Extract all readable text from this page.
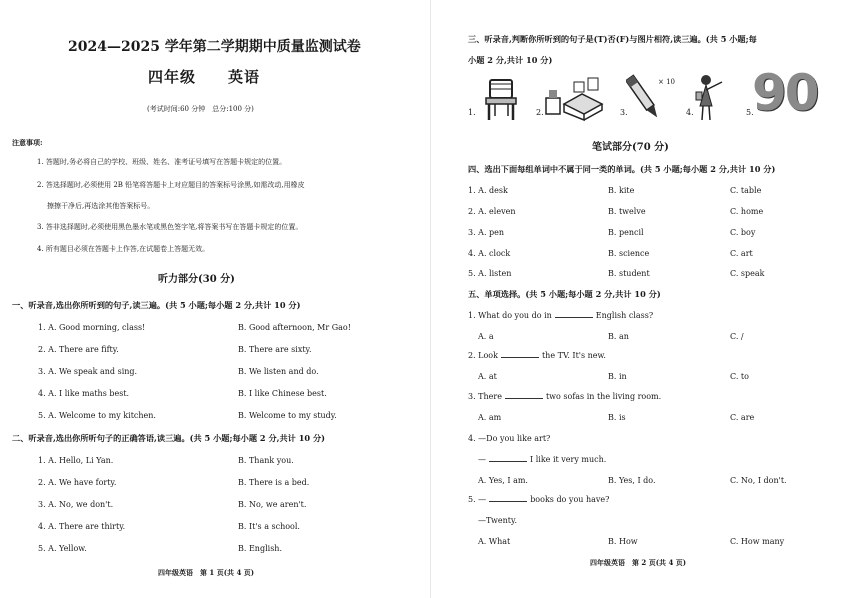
2024—2025 学年第二学期期中质量监测试卷
四年级 英语
(考试时间:60 分钟　总分:100 分)
注意事项:
1. 答题时,务必将自己的学校、班级、姓名、准考证号填写在答题卡规定的位置。
2. 答选择题时,必须使用 2B 铅笔将答题卡上对应题目的答案标号涂黑,如需改动,用橡皮
擦擦干净后,再选涂其他答案标号。
3. 答非选择题时,必须使用黑色墨水笔或黑色签字笔,将答案书写在答题卡规定的位置。
4. 所有题目必须在答题卡上作答,在试题卷上答题无效。
听力部分(30 分)
一、听录音,选出你所听到的句子,读三遍。(共 5 小题;每小题 2 分,共计 10 分)
1. A. Good morning, class!	B. Good afternoon, Mr Gao!
2. A. There are fifty.	B. There are sixty.
3. A. We speak and sing.	B. We listen and do.
4. A. I like maths best.	B. I like Chinese best.
5. A. Welcome to my kitchen.	B. Welcome to my study.
二、听录音,选出你所听句子的正确答语,读三遍。(共 5 小题;每小题 2 分,共计 10 分)
1. A. Hello, Li Yan.	B. Thank you.
2. A. We have forty.	B. There is a bed.
3. A. No, we don't.	B. No, we aren't.
4. A. There are thirty.	B. It's a school.
5. A. Yellow.	B. English.
四年级英语　第 1 页(共 4 页)
三、听录音,判断你所听到的句子是(T)否(F)与图片相符,读三遍。(共 5 小题;每
小题 2 分,共计 10 分)
1.	2.	3.
× 10
4.	5.
90
笔试部分(70 分)
四、选出下面每组单词中不属于同一类的单词。(共 5 小题;每小题 2 分,共计 10 分)
1. A. desk	B. kite	C. table
2. A. eleven	B. twelve	C. home
3. A. pen	B. pencil	C. boy
4. A. clock	B. science	C. art
5. A. listen	B. student	C. speak
五、单项选择。(共 5 小题;每小题 2 分,共计 10 分)
1. What do you do in	English class?
A. a	B. an	C. /
2. Look	the TV. It's new.
A. at	B. in	C. to
3. There	two sofas in the living room.
A. am	B. is	C. are
4. —Do you like art?
—	I like it very much.
A. Yes, I am.	B. Yes, I do.	C. No, I don't.
5. —	books do you have?
—Twenty.
A. What	B. How	C. How many
四年级英语　第 2 页(共 4 页)
